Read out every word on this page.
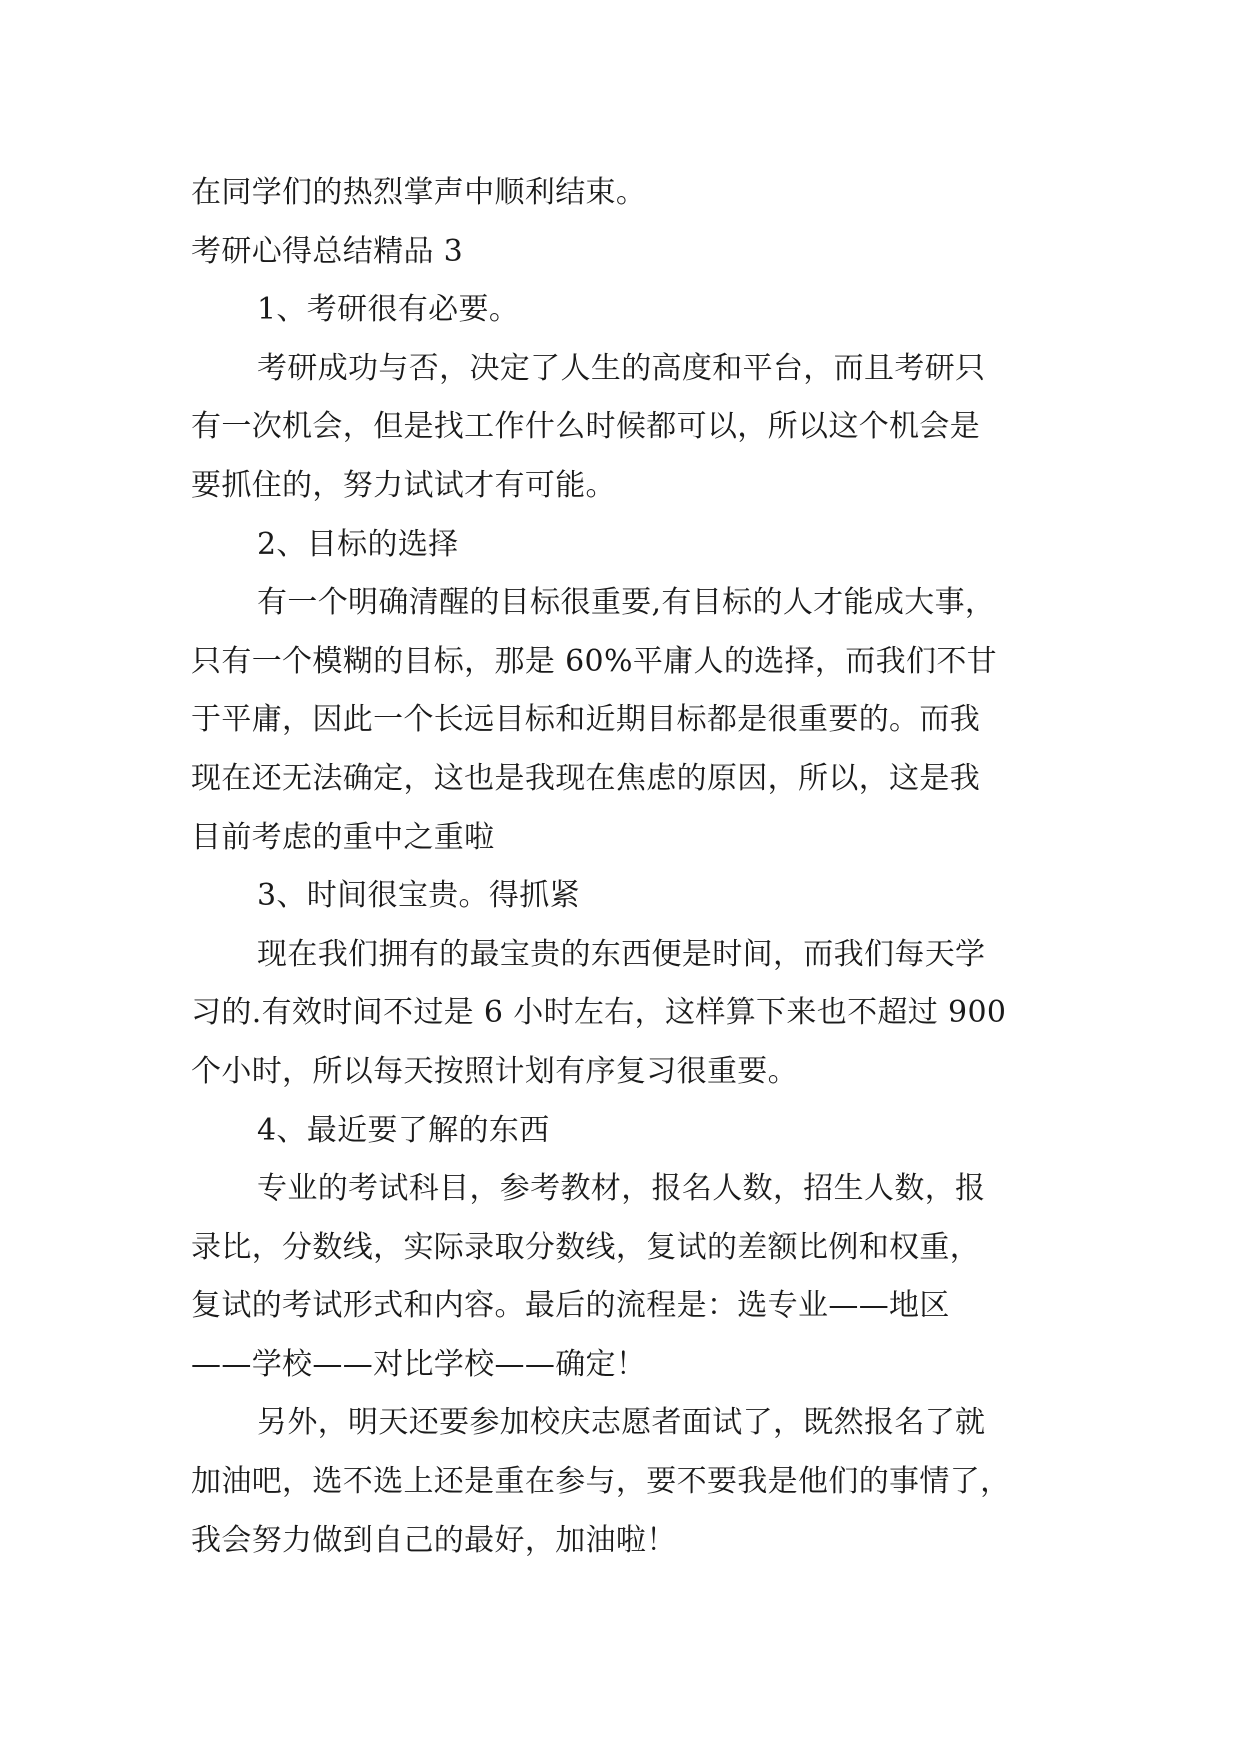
在同学们的热烈掌声中顺利结束。

考研心得总结精品 3

1、考研很有必要。

考研成功与否，决定了人生的高度和平台，而且考研只

有一次机会，但是找工作什么时候都可以，所以这个机会是

要抓住的，努力试试才有可能。

2、目标的选择

有一个明确清醒的目标很重要,有目标的人才能成大事，

只有一个模糊的目标，那是 60%平庸人的选择，而我们不甘

于平庸，因此一个长远目标和近期目标都是很重要的。而我

现在还无法确定，这也是我现在焦虑的原因，所以，这是我

目前考虑的重中之重啦

3、时间很宝贵。得抓紧

现在我们拥有的最宝贵的东西便是时间，而我们每天学

习的.有效时间不过是 6 小时左右，这样算下来也不超过 900

个小时，所以每天按照计划有序复习很重要。

4、最近要了解的东西

专业的考试科目，参考教材，报名人数，招生人数，报

录比，分数线，实际录取分数线，复试的差额比例和权重，

复试的考试形式和内容。最后的流程是：选专业——地区

——学校——对比学校——确定！

另外，明天还要参加校庆志愿者面试了，既然报名了就

加油吧，选不选上还是重在参与，要不要我是他们的事情了，

我会努力做到自己的最好，加油啦！
